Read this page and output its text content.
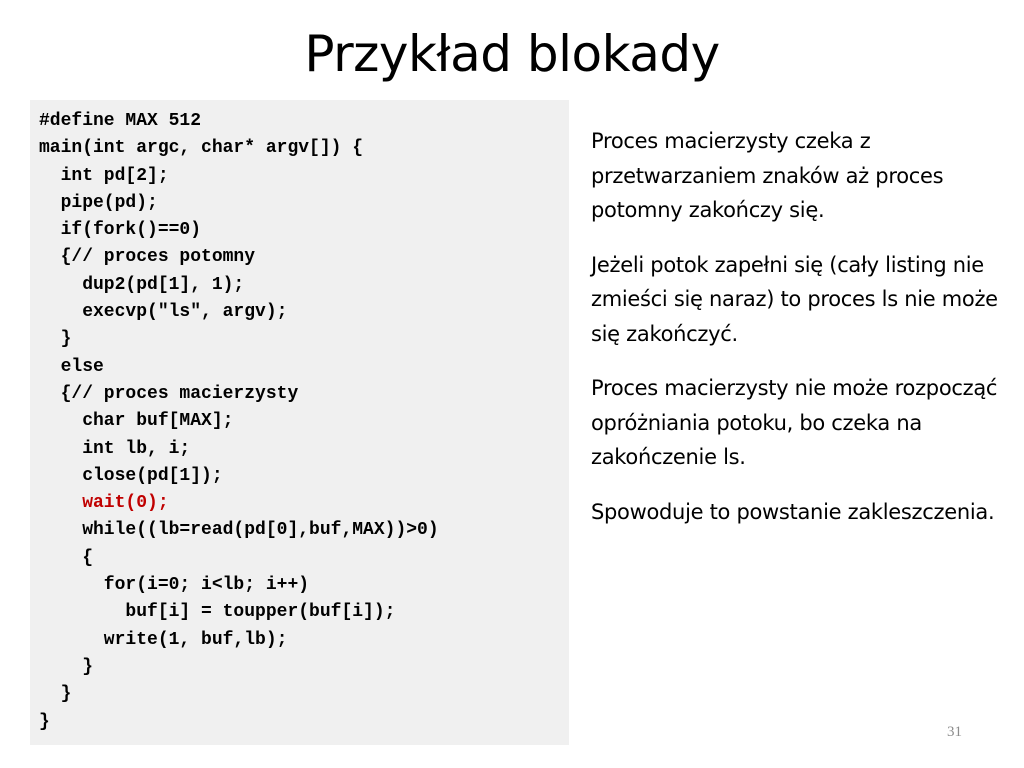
Przykład blokady
#define MAX 512
main(int argc, char* argv[]) {
int pd[2];
pipe(pd);
if(fork()==0)
{// proces potomny
dup2(pd[1], 1);
execvp("ls", argv);
}
else
{// proces macierzysty
char buf[MAX];
int lb, i;
close(pd[1]);
wait(0);
while((lb=read(pd[0],buf,MAX))>0)
{
for(i=0; i<lb; i++)
buf[i] = toupper(buf[i]);
write(1, buf,lb);
}
}
}

Proces macierzysty czeka z przetwarzaniem znaków aż proces potomny zakończy się.

Jeżeli potok zapełni się (cały listing nie zmieści się naraz) to proces ls nie może się zakończyć.

Proces macierzysty nie może rozpocząć opróżniania potoku, bo czeka na zakończenie ls.

Spowoduje to powstanie zakleszczenia.

31
